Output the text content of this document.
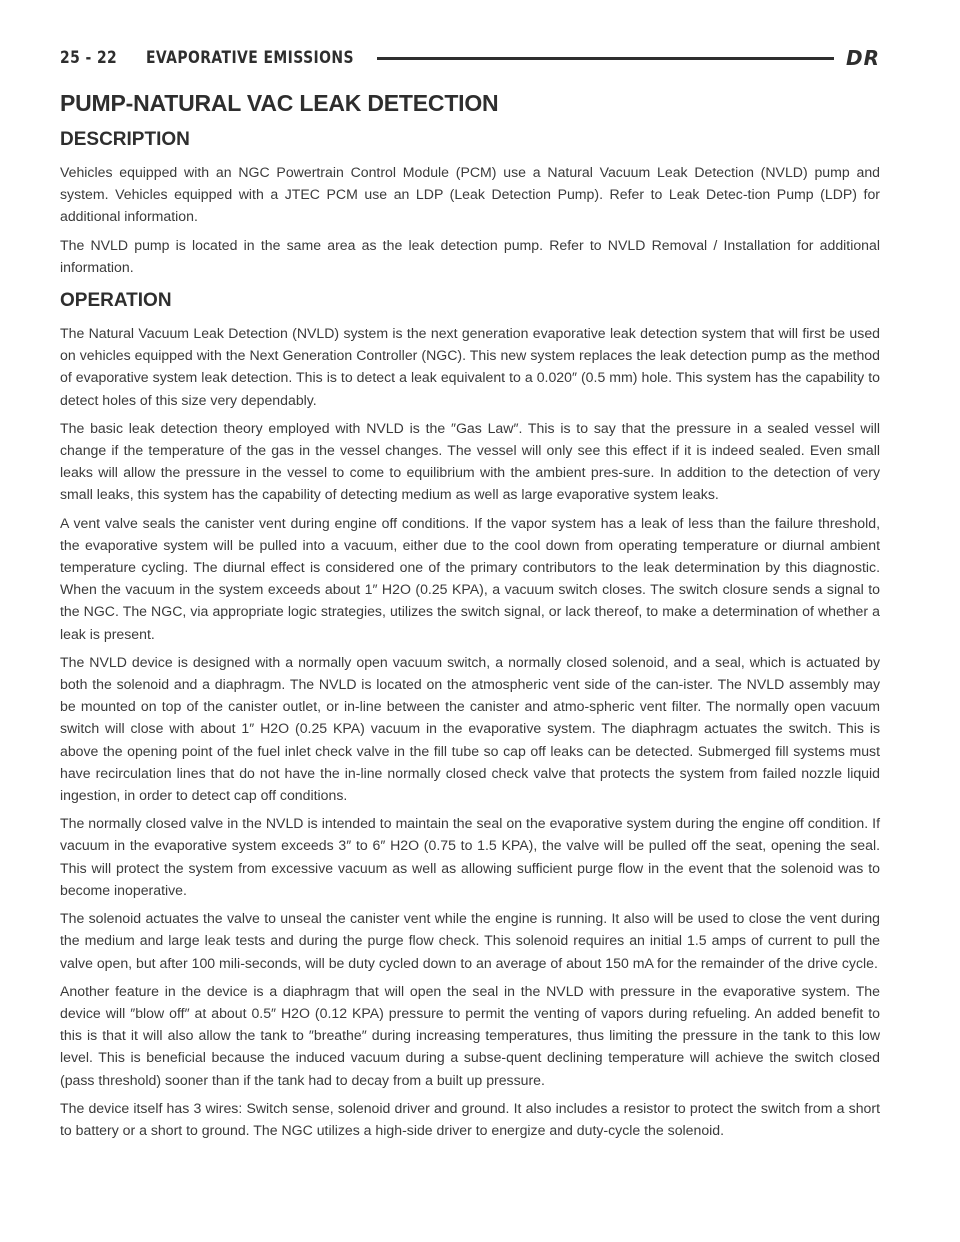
25 - 22 EVAPORATIVE EMISSIONS	DR
PUMP-NATURAL VAC LEAK DETECTION
DESCRIPTION

Vehicles equipped with an NGC Powertrain Control Module (PCM) use a Natural Vacuum Leak Detection (NVLD) pump and system. Vehicles equipped with a JTEC PCM use an LDP (Leak Detection Pump). Refer to Leak Detec-tion Pump (LDP) for additional information.

The NVLD pump is located in the same area as the leak detection pump. Refer to NVLD Removal / Installation for additional information.

OPERATION

The Natural Vacuum Leak Detection (NVLD) system is the next generation evaporative leak detection system that will first be used on vehicles equipped with the Next Generation Controller (NGC). This new system replaces the leak detection pump as the method of evaporative system leak detection. This is to detect a leak equivalent to a 0.020″ (0.5 mm) hole. This system has the capability to detect holes of this size very dependably.

The basic leak detection theory employed with NVLD is the ″Gas Law″. This is to say that the pressure in a sealed vessel will change if the temperature of the gas in the vessel changes. The vessel will only see this effect if it is indeed sealed. Even small leaks will allow the pressure in the vessel to come to equilibrium with the ambient pres-sure. In addition to the detection of very small leaks, this system has the capability of detecting medium as well as large evaporative system leaks.

A vent valve seals the canister vent during engine off conditions. If the vapor system has a leak of less than the failure threshold, the evaporative system will be pulled into a vacuum, either due to the cool down from operating temperature or diurnal ambient temperature cycling. The diurnal effect is considered one of the primary contributors to the leak determination by this diagnostic. When the vacuum in the system exceeds about 1″ H2O (0.25 KPA), a vacuum switch closes. The switch closure sends a signal to the NGC. The NGC, via appropriate logic strategies, utilizes the switch signal, or lack thereof, to make a determination of whether a leak is present.

The NVLD device is designed with a normally open vacuum switch, a normally closed solenoid, and a seal, which is actuated by both the solenoid and a diaphragm. The NVLD is located on the atmospheric vent side of the can-ister. The NVLD assembly may be mounted on top of the canister outlet, or in-line between the canister and atmo-spheric vent filter. The normally open vacuum switch will close with about 1″ H2O (0.25 KPA) vacuum in the evaporative system. The diaphragm actuates the switch. This is above the opening point of the fuel inlet check valve in the fill tube so cap off leaks can be detected. Submerged fill systems must have recirculation lines that do not have the in-line normally closed check valve that protects the system from failed nozzle liquid ingestion, in order to detect cap off conditions.

The normally closed valve in the NVLD is intended to maintain the seal on the evaporative system during the engine off condition. If vacuum in the evaporative system exceeds 3″ to 6″ H2O (0.75 to 1.5 KPA), the valve will be pulled off the seat, opening the seal. This will protect the system from excessive vacuum as well as allowing sufficient purge flow in the event that the solenoid was to become inoperative.

The solenoid actuates the valve to unseal the canister vent while the engine is running. It also will be used to close the vent during the medium and large leak tests and during the purge flow check. This solenoid requires an initial 1.5 amps of current to pull the valve open, but after 100 mili-seconds, will be duty cycled down to an average of about 150 mA for the remainder of the drive cycle.

Another feature in the device is a diaphragm that will open the seal in the NVLD with pressure in the evaporative system. The device will ″blow off″ at about 0.5″ H2O (0.12 KPA) pressure to permit the venting of vapors during refueling. An added benefit to this is that it will also allow the tank to ″breathe″ during increasing temperatures, thus limiting the pressure in the tank to this low level. This is beneficial because the induced vacuum during a subse-quent declining temperature will achieve the switch closed (pass threshold) sooner than if the tank had to decay from a built up pressure.

The device itself has 3 wires: Switch sense, solenoid driver and ground. It also includes a resistor to protect the switch from a short to battery or a short to ground. The NGC utilizes a high-side driver to energize and duty-cycle the solenoid.
